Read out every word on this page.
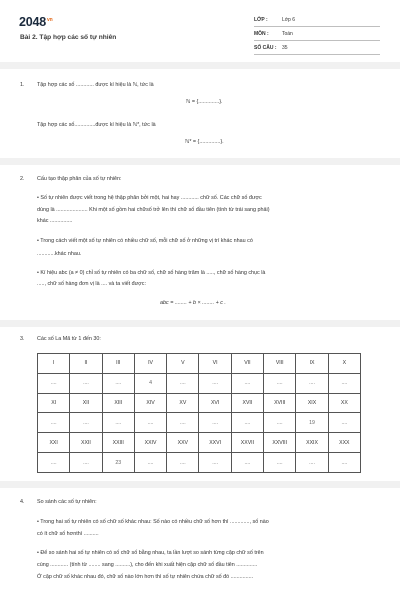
$2048^{vn}$
Bài 2. Tập hợp các số tự nhiên
LỚP :	Lớp 6
MÔN :	Toán
SỐ CÂU : 35
1. Tập hợp các số ............ được kí hiệu là ℕ, tức là
ℕ = {..............}.
Tập hợp các số..............được kí hiệu là ℕ*, tức là
ℕ* = {..............}.
2. Cấu tạo thập phân của số tự nhiên:
• Số tự nhiên được viết trong hệ thập phân bởi một, hai hay ............ chữ số. Các chữ số được
dùng là ..................... Khi một số gồm hai chữsố trở lên thì chữ số đầu tiên (tính từ trái sang phải)
khác ...............
• Trong cách viết một số tự nhiên có nhiều chữ số, mỗi chữ số ở những vị trí khác nhau có
............khác nhau.
• Kí hiệu abc (a ≠ 0) chỉ số tự nhiên có ba chữ số, chữ số hàng trăm là ....., chữ số hàng chục là
....., chữ số hàng đơn vị là .... và ta viết được:
abc = ........ + b × ........ + c .
3. Các số La Mã từ 1 đến 30:
I	II	III	IV	V	VI	VII	VIII	IX	X
....	....	....	4	....	....	....	....	....	....
XI	XII	XIII	XIV	XV	XVI	XVII	XVIII	XIX	XX
....	....	....	....	....	....	....	....	19	....
XXI	XXII	XXIII	XXIV	XXV	XXVI	XXVII	XXVIII	XXIX	XXX
....	....	23	....	....	....	....	....	....	....
4. So sánh các số tự nhiên:
• Trong hai số tự nhiên có số chữ số khác nhau: Số nào có nhiều chữ số hơn thì ............., số nào
có ít chữ số hơnthì ..........
• Để so sánh hai số tự nhiên có số chữ số bằng nhau, ta lần lượt so sánh từng cặp chữ số trên
cùng ............ (tính từ ........ sang ..........), cho đến khi xuất hiện cặp chữ số đầu tiên ..............
Ở cặp chữ số khác nhau đó, chữ số nào lớn hơn thì số tự nhiên chứa chữ số đó ...............
